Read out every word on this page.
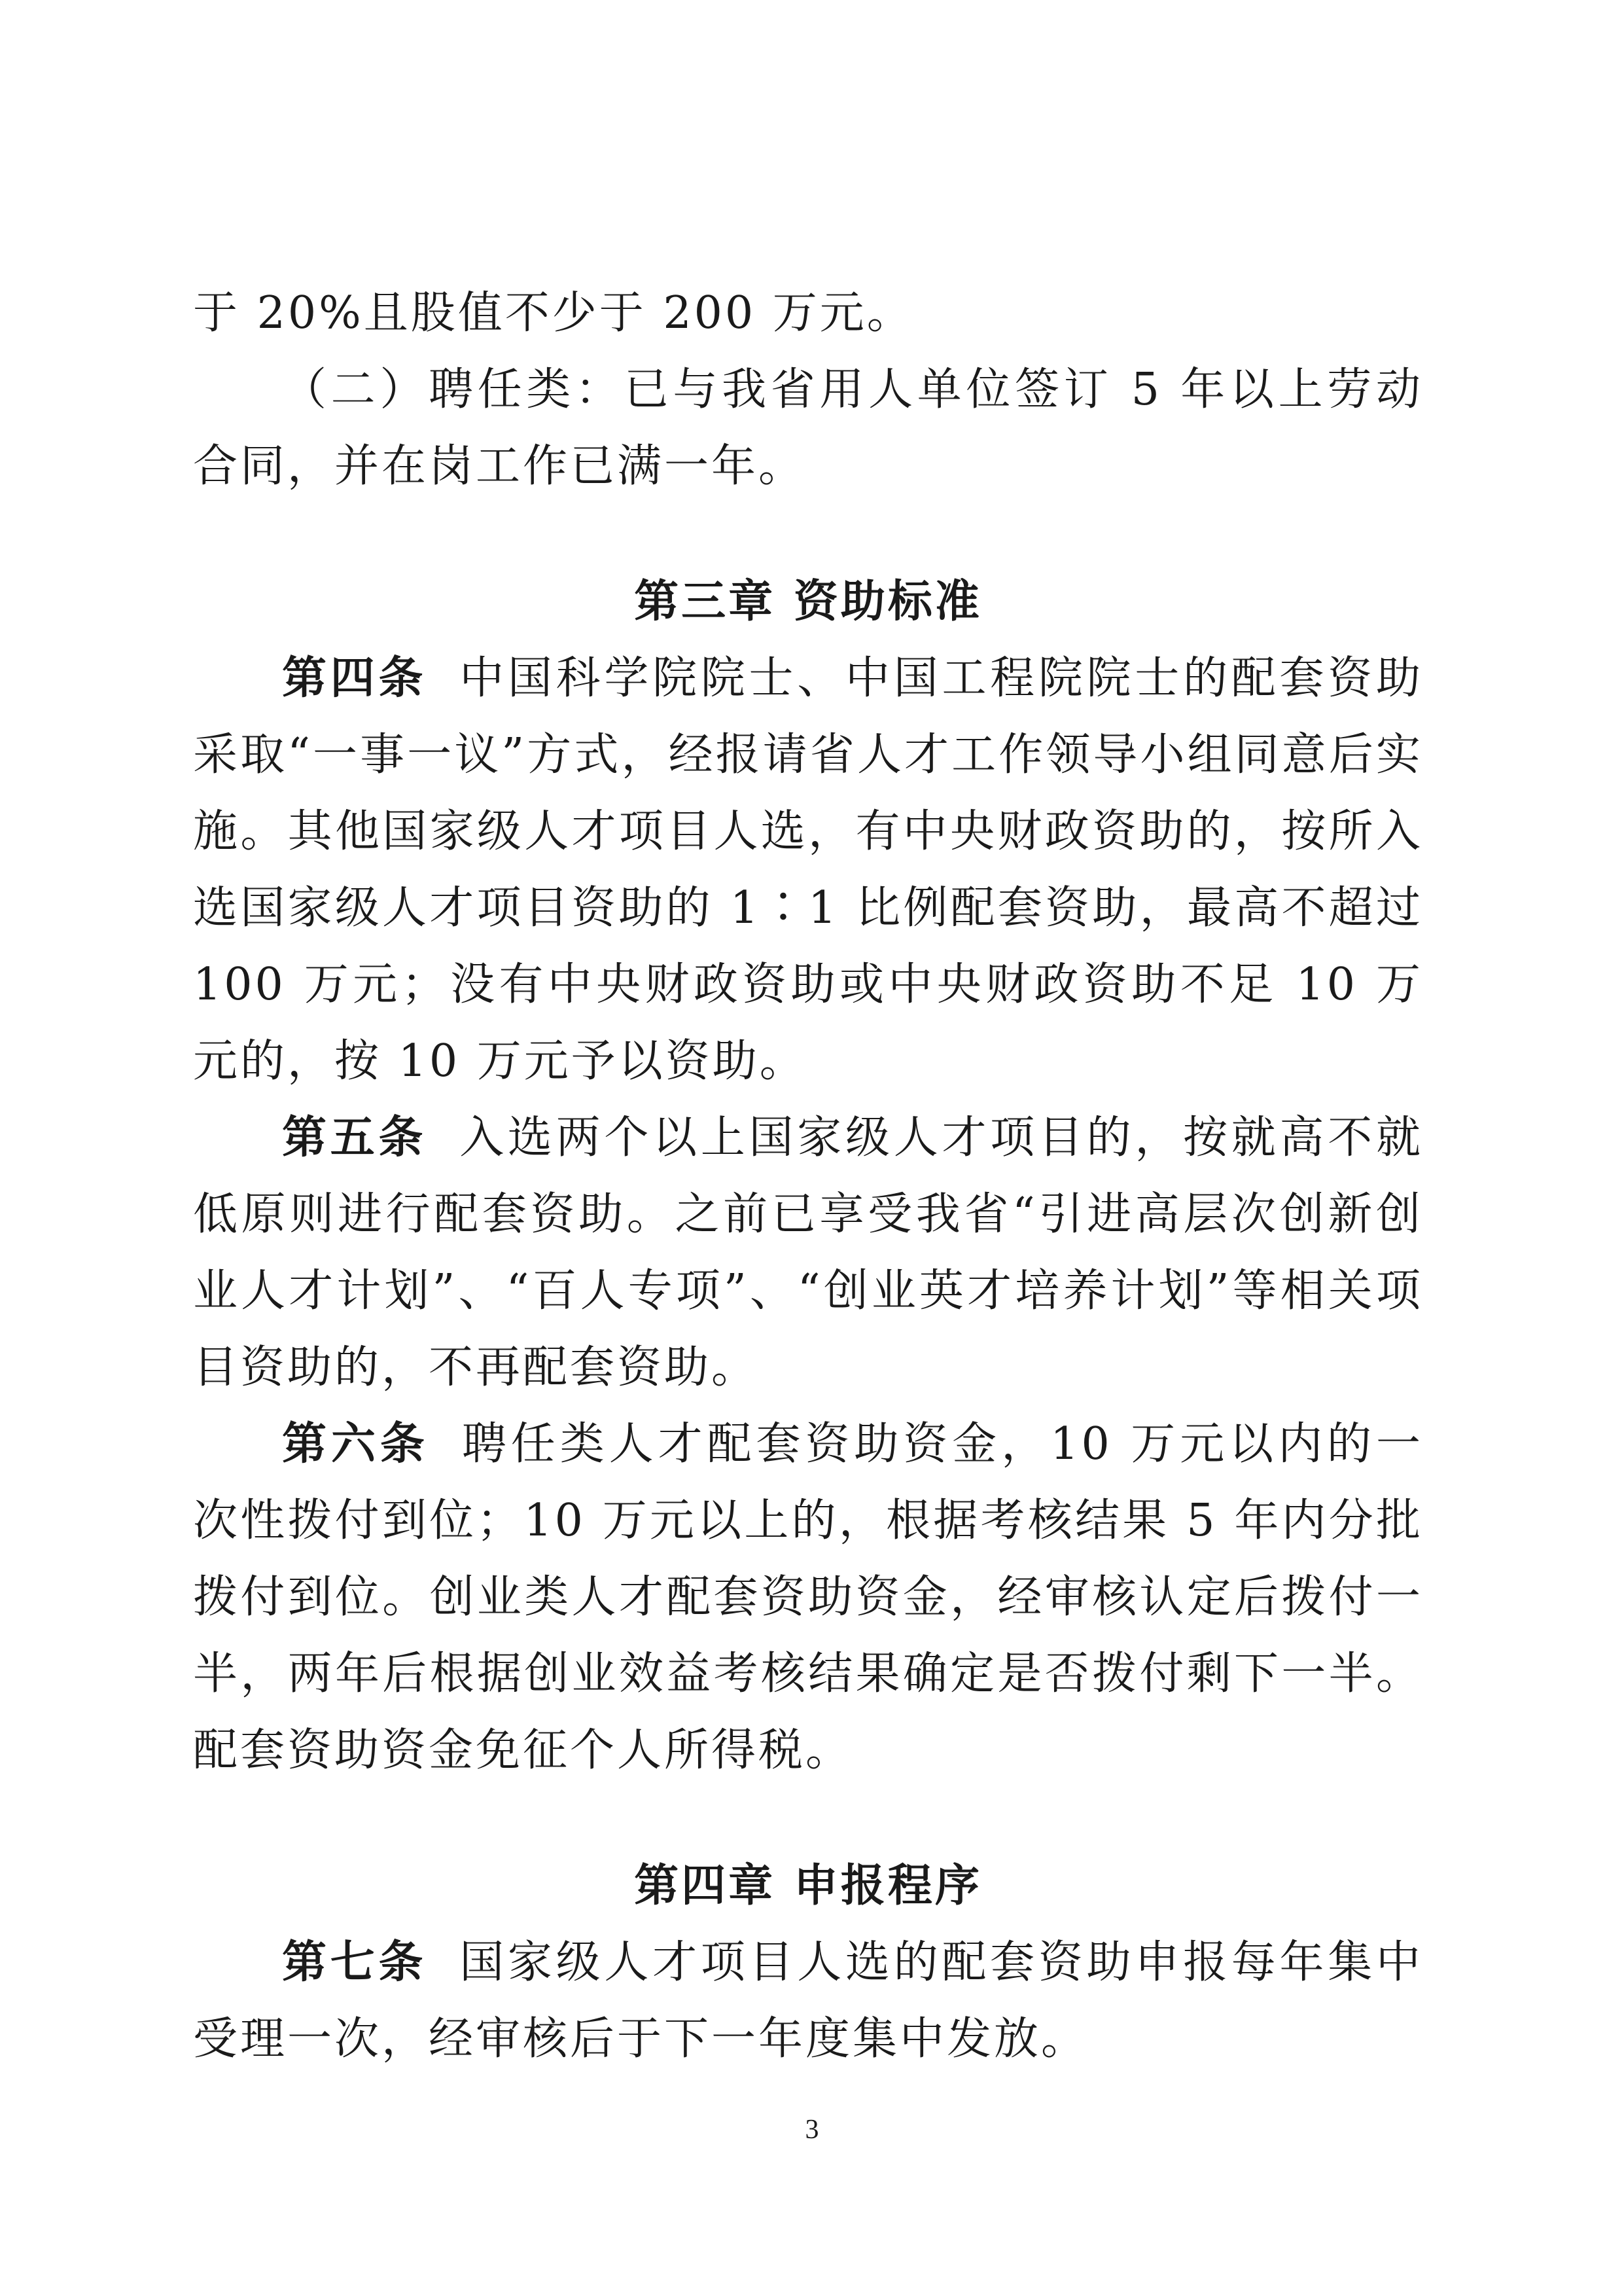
于 20%且股值不少于 200 万元。

（二）聘任类：已与我省用人单位签订 5 年以上劳动合同，并在岗工作已满一年。

第三章 资助标准

第四条 中国科学院院士、中国工程院院士的配套资助采取“一事一议”方式，经报请省人才工作领导小组同意后实施。其他国家级人才项目人选，有中央财政资助的，按所入选国家级人才项目资助的 1∶1 比例配套资助，最高不超过 100 万元；没有中央财政资助或中央财政资助不足 10 万元的，按 10 万元予以资助。

第五条 入选两个以上国家级人才项目的，按就高不就低原则进行配套资助。之前已享受我省“引进高层次创新创业人才计划”、“百人专项”、“创业英才培养计划”等相关项目资助的，不再配套资助。

第六条 聘任类人才配套资助资金，10 万元以内的一次性拨付到位；10 万元以上的，根据考核结果 5 年内分批拨付到位。创业类人才配套资助资金，经审核认定后拨付一半，两年后根据创业效益考核结果确定是否拨付剩下一半。配套资助资金免征个人所得税。

第四章 申报程序

第七条 国家级人才项目人选的配套资助申报每年集中受理一次，经审核后于下一年度集中发放。

3
